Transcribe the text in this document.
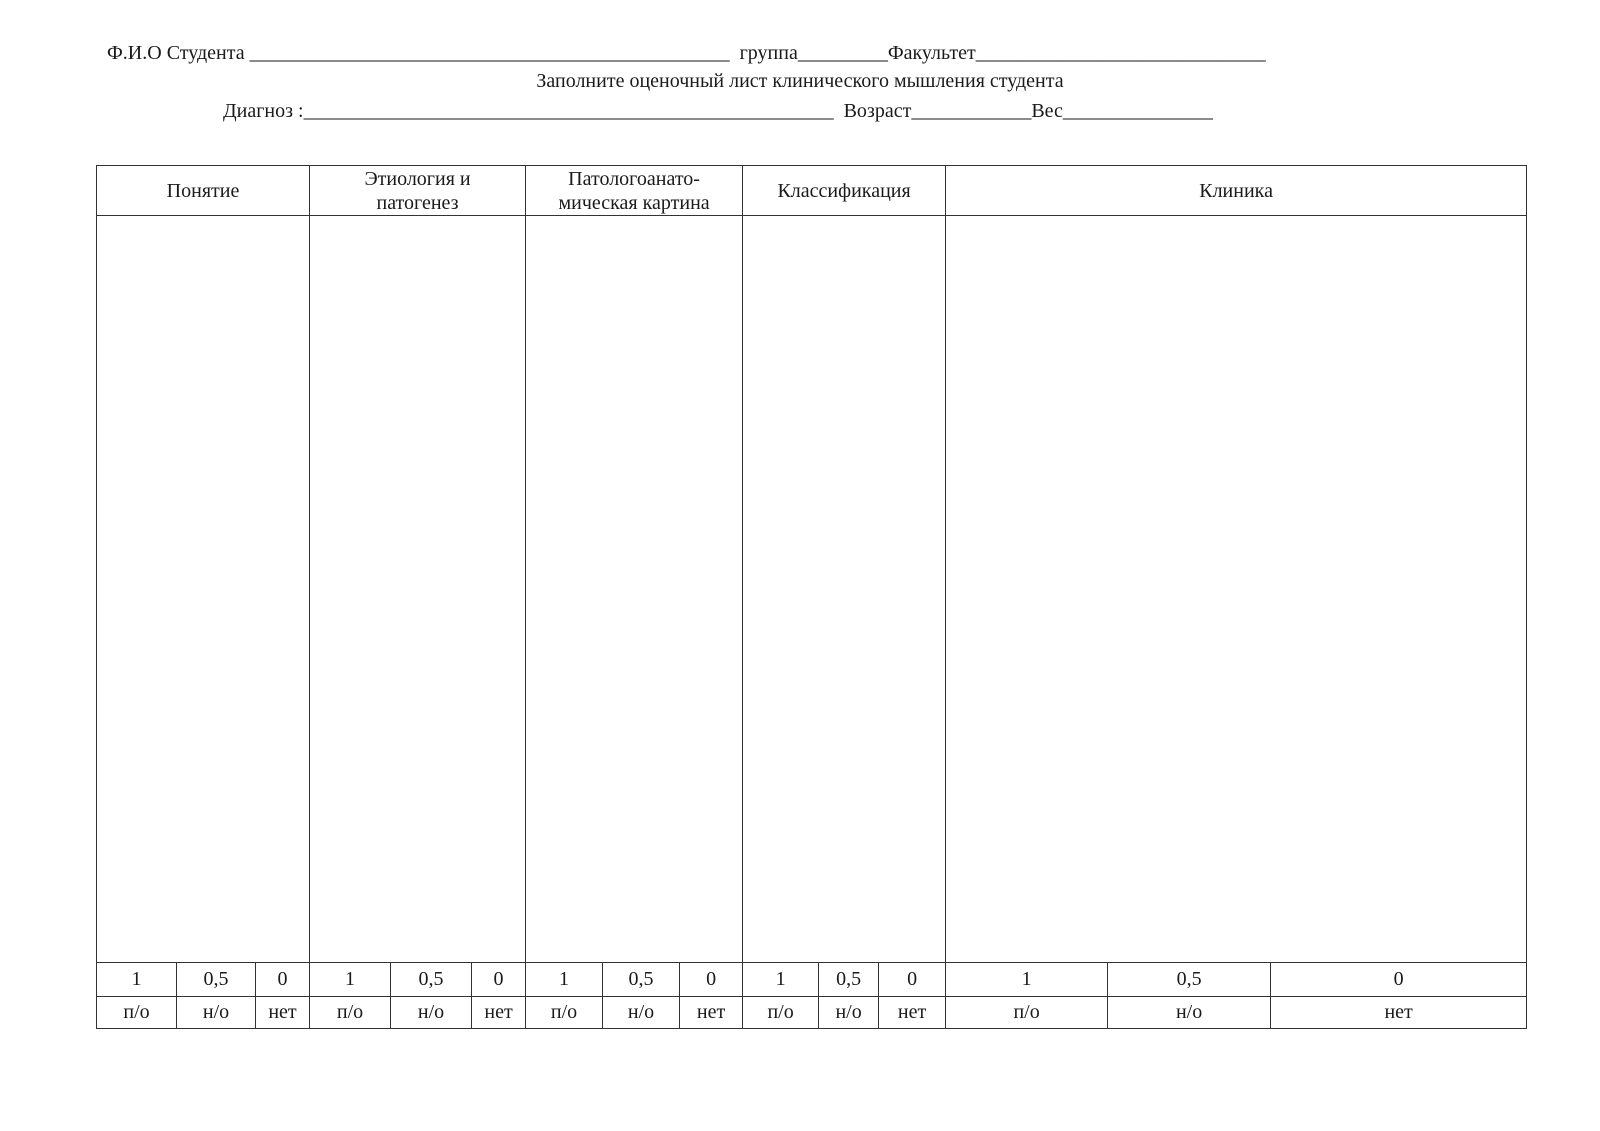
Ф.И.О Студента ________________________________________________  группа_________Факультет_____________________________
Заполните оценочный лист клинического мышления студента
Диагноз :_____________________________________________________  Возраст____________Вес_______________
Понятие			Этиология и патогенез			Патологоанато-мическая картина			Классификация			Клиника		

1	0,5	0	1	0,5	0	1	0,5	0	1	0,5	0	1	0,5	0
п/о	н/о	нет	п/о	н/о	нет	п/о	н/о	нет	п/о	н/о	нет	п/о	н/о	нет
